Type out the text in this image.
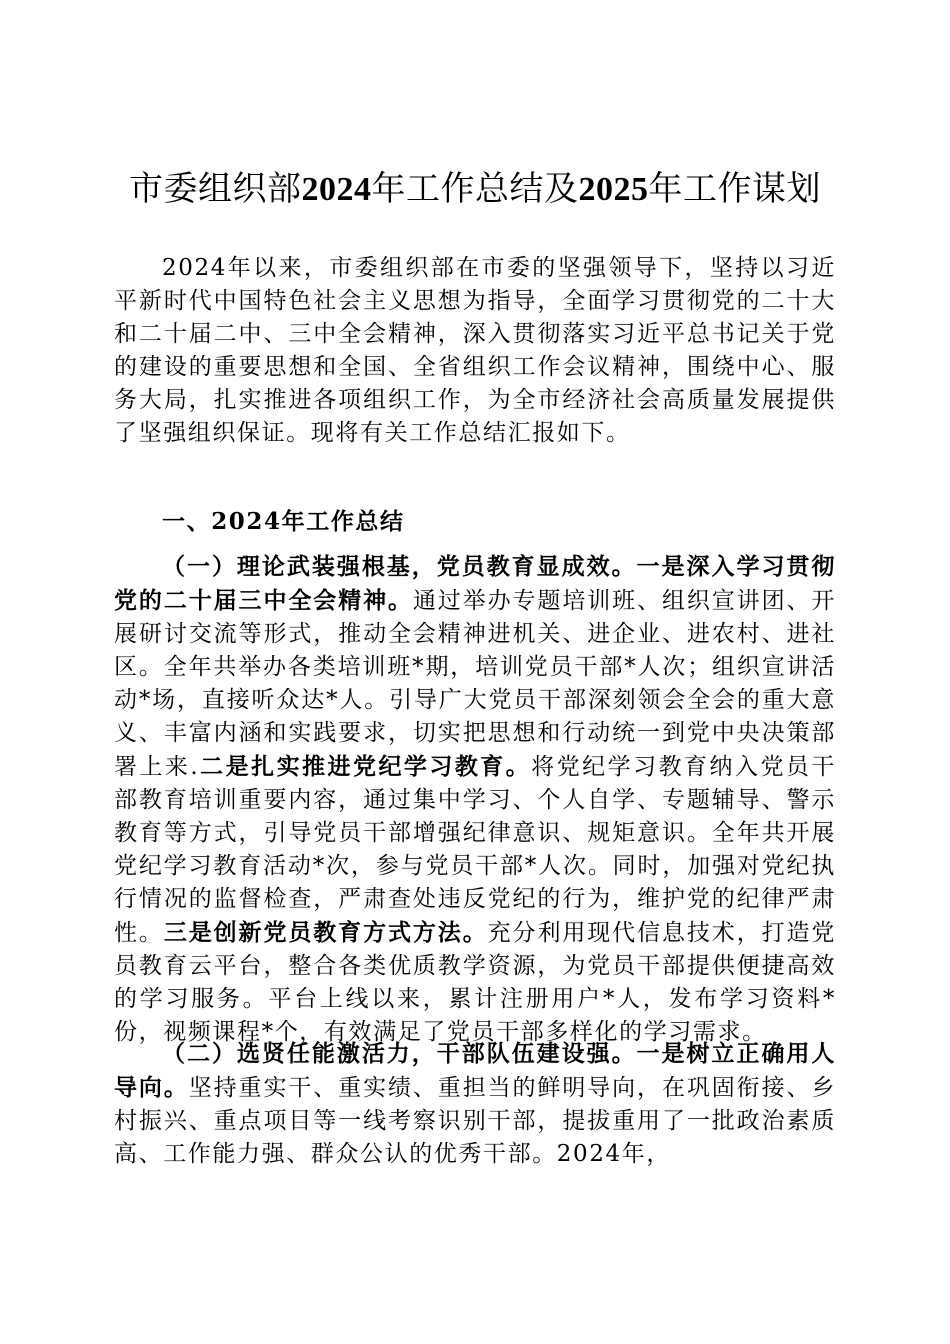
市委组织部2024年工作总结及2025年工作谋划

2024年以来，市委组织部在市委的坚强领导下，坚持以习近平新时代中国特色社会主义思想为指导，全面学习贯彻党的二十大和二十届二中、三中全会精神，深入贯彻落实习近平总书记关于党的建设的重要思想和全国、全省组织工作会议精神，围绕中心、服务大局，扎实推进各项组织工作，为全市经济社会高质量发展提供了坚强组织保证。现将有关工作总结汇报如下。

一、2024年工作总结

（一）理论武装强根基，党员教育显成效。一是深入学习贯彻党的二十届三中全会精神。通过举办专题培训班、组织宣讲团、开展研讨交流等形式，推动全会精神进机关、进企业、进农村、进社区。全年共举办各类培训班*期，培训党员干部*人次；组织宣讲活动*场，直接听众达*人。引导广大党员干部深刻领会全会的重大意义、丰富内涵和实践要求，切实把思想和行动统一到党中央决策部署上来.二是扎实推进党纪学习教育。将党纪学习教育纳入党员干部教育培训重要内容，通过集中学习、个人自学、专题辅导、警示教育等方式，引导党员干部增强纪律意识、规矩意识。全年共开展党纪学习教育活动*次，参与党员干部*人次。同时，加强对党纪执行情况的监督检查，严肃查处违反党纪的行为，维护党的纪律严肃性。三是创新党员教育方式方法。充分利用现代信息技术，打造党员教育云平台，整合各类优质教学资源，为党员干部提供便捷高效的学习服务。平台上线以来，累计注册用户*人，发布学习资料*份，视频课程*个，有效满足了党员干部多样化的学习需求。

（二）选贤任能激活力，干部队伍建设强。一是树立正确用人导向。坚持重实干、重实绩、重担当的鲜明导向，在巩固衔接、乡村振兴、重点项目等一线考察识别干部，提拔重用了一批政治素质高、工作能力强、群众公认的优秀干部。2024年，
